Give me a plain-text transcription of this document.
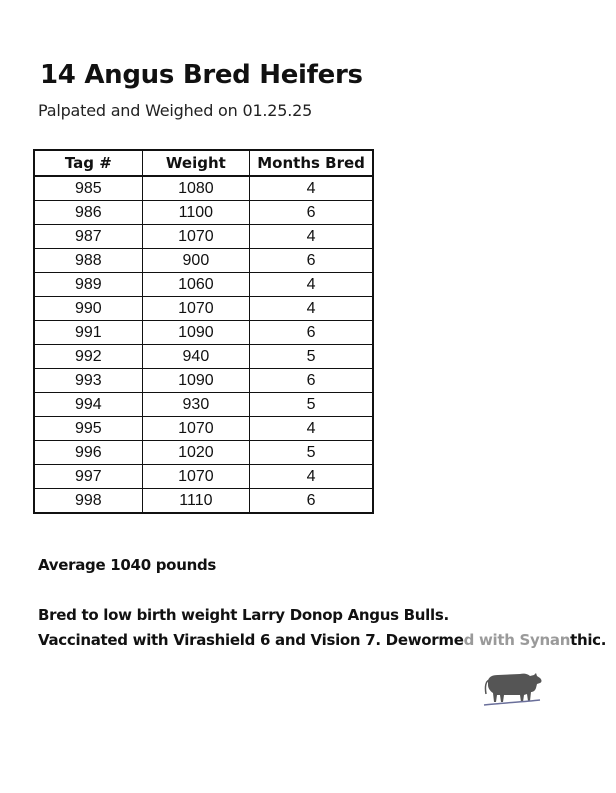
14 Angus Bred Heifers
Palpated and Weighed on 01.25.25
Tag #	Weight	Months Bred
985	1080	4
986	1100	6
987	1070	4
988	900	6
989	1060	4
990	1070	4
991	1090	6
992	940	5
993	1090	6
994	930	5
995	1070	4
996	1020	5
997	1070	4
998	1110	6
Average 1040 pounds
Bred to low birth weight Larry Donop Angus Bulls.
Vaccinated with Virashield 6 and Vision 7. Dewormed with Synanthic.
